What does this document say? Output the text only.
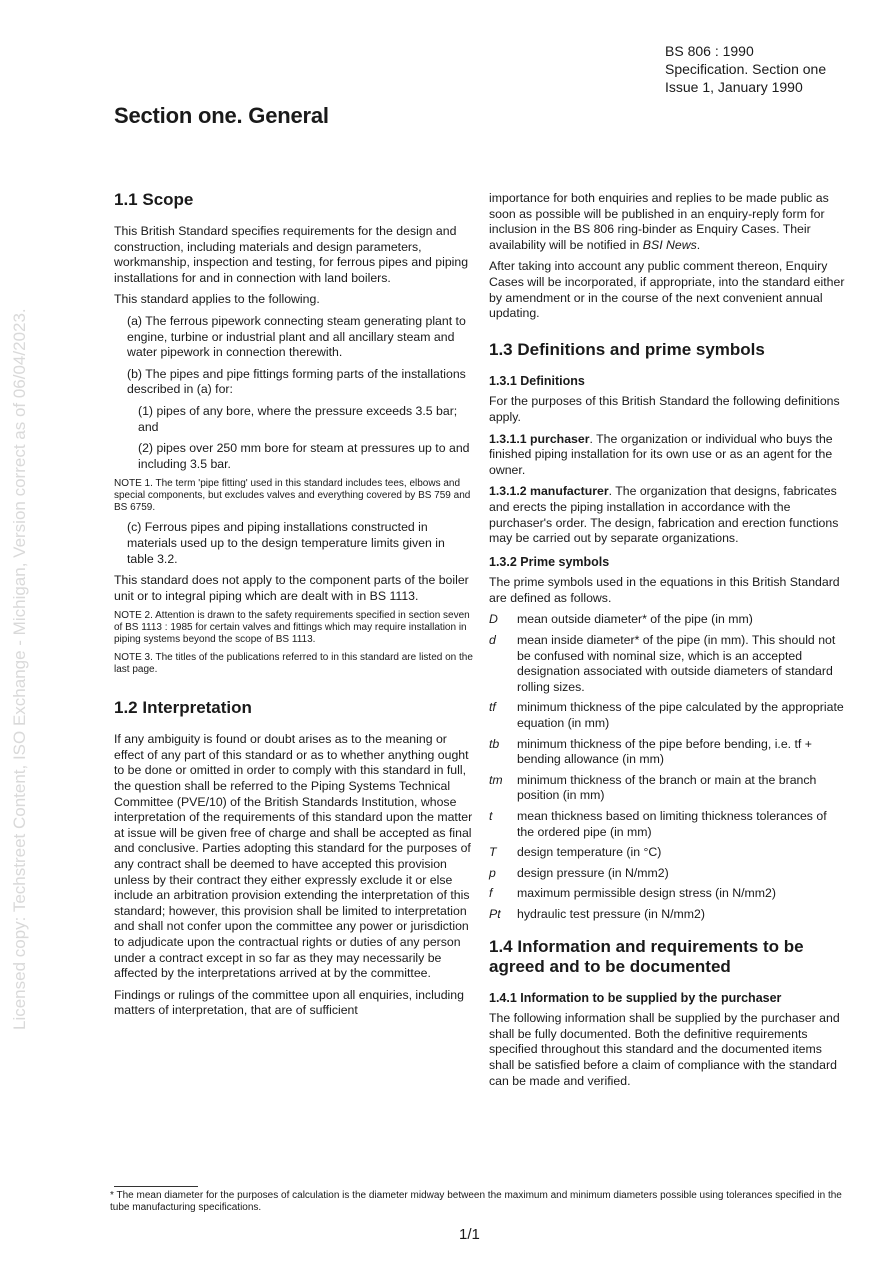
Licensed copy: Techstreet Content, ISO Exchange - Michigan, Version correct as of 06/04/2023.
BS 806 : 1990
Specification. Section one
Issue 1, January 1990
Section one. General
1.1 Scope

This British Standard specifies requirements for the design and construction, including materials and design parameters, workmanship, inspection and testing, for ferrous pipes and piping installations for and in connection with land boilers.

This standard applies to the following.

(a) The ferrous pipework connecting steam generating plant to engine, turbine or industrial plant and all ancillary steam and water pipework in connection therewith.

(b) The pipes and pipe fittings forming parts of the installations described in (a) for:

(1) pipes of any bore, where the pressure exceeds 3.5 bar; and

(2) pipes over 250 mm bore for steam at pressures up to and including 3.5 bar.

NOTE 1. The term 'pipe fitting' used in this standard includes tees, elbows and special components, but excludes valves and everything covered by BS 759 and BS 6759.

(c) Ferrous pipes and piping installations constructed in materials used up to the design temperature limits given in table 3.2.

This standard does not apply to the component parts of the boiler unit or to integral piping which are dealt with in BS 1113.

NOTE 2. Attention is drawn to the safety requirements specified in section seven of BS 1113 : 1985 for certain valves and fittings which may require installation in piping systems beyond the scope of BS 1113.

NOTE 3. The titles of the publications referred to in this standard are listed on the last page.

1.2 Interpretation

If any ambiguity is found or doubt arises as to the meaning or effect of any part of this standard or as to whether anything ought to be done or omitted in order to comply with this standard in full, the question shall be referred to the Piping Systems Technical Committee (PVE/10) of the British Standards Institution, whose interpretation of the requirements of this standard upon the matter at issue will be given free of charge and shall be accepted as final and conclusive. Parties adopting this standard for the purposes of any contract shall be deemed to have accepted this provision unless by their contract they either expressly exclude it or else include an arbitration provision extending the interpretation of this standard; however, this provision shall be limited to interpretation and shall not confer upon the committee any power or jurisdiction to adjudicate upon the contractual rights or duties of any person under a contract except in so far as they may necessarily be affected by the interpretations arrived at by the committee.

Findings or rulings of the committee upon all enquiries, including matters of interpretation, that are of sufficient

importance for both enquiries and replies to be made public as soon as possible will be published in an enquiry-reply form for inclusion in the BS 806 ring-binder as Enquiry Cases. Their availability will be notified in BSI News.

After taking into account any public comment thereon, Enquiry Cases will be incorporated, if appropriate, into the standard either by amendment or in the course of the next convenient annual updating.

1.3 Definitions and prime symbols
1.3.1 Definitions

For the purposes of this British Standard the following definitions apply.

1.3.1.1 purchaser. The organization or individual who buys the finished piping installation for its own use or as an agent for the owner.

1.3.1.2 manufacturer. The organization that designs, fabricates and erects the piping installation in accordance with the purchaser's order. The design, fabrication and erection functions may be carried out by separate organizations.

1.3.2 Prime symbols

The prime symbols used in the equations in this British Standard are defined as follows.

D	mean outside diameter* of the pipe (in mm)
d	mean inside diameter* of the pipe (in mm). This should not be confused with nominal size, which is an accepted designation associated with outside diameters of standard rolling sizes.
tf	minimum thickness of the pipe calculated by the appropriate equation (in mm)
tb	minimum thickness of the pipe before bending, i.e. tf + bending allowance (in mm)
tm	minimum thickness of the branch or main at the branch position (in mm)
t	mean thickness based on limiting thickness tolerances of the ordered pipe (in mm)
T	design temperature (in °C)
p	design pressure (in N/mm2)
f	maximum permissible design stress (in N/mm2)
Pt	hydraulic test pressure (in N/mm2)
1.4 Information and requirements to be agreed and to be documented
1.4.1 Information to be supplied by the purchaser

The following information shall be supplied by the purchaser and shall be fully documented. Both the definitive requirements specified throughout this standard and the documented items shall be satisfied before a claim of compliance with the standard can be made and verified.

* The mean diameter for the purposes of calculation is the diameter midway between the maximum and minimum diameters possible using tolerances specified in the tube manufacturing specifications.
1/1
